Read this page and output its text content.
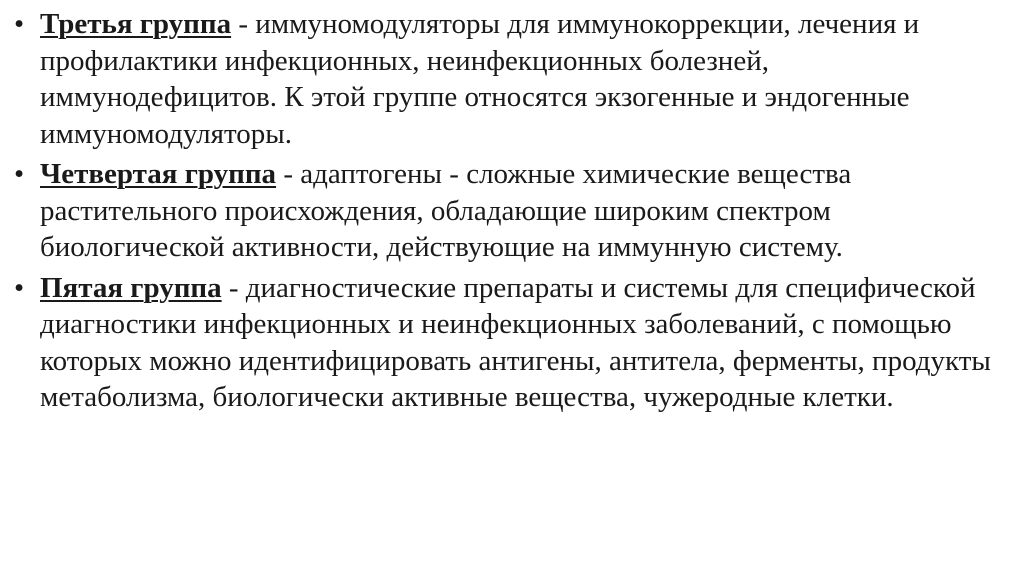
• Третья группа - иммуномодуляторы для иммунокоррекции, лечения и профилактики инфекционных, неинфекционных болезней, иммунодефицитов. К этой группе относятся экзогенные и эндогенные иммуномодуляторы.
• Четвертая группа - адаптогены - сложные химические вещества растительного происхождения, обладающие широким спектром биологической активности, действующие на иммунную систему.
• Пятая группа - диагностические препараты и системы для специфической диагностики инфекционных и неинфекционных заболеваний, с помощью которых можно идентифицировать антигены, антитела, ферменты, продукты метаболизма, биологически активные вещества, чужеродные клетки.
